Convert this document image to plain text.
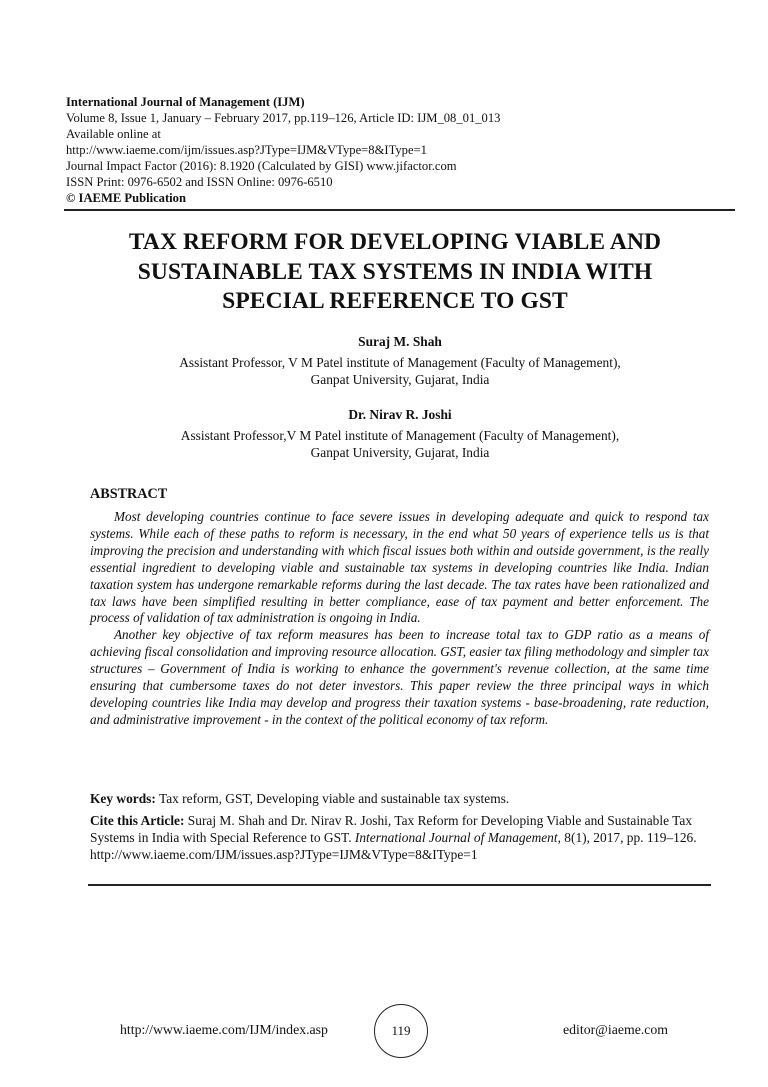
International Journal of Management (IJM)
Volume 8, Issue 1, January – February 2017, pp.119–126, Article ID: IJM_08_01_013
Available online at
http://www.iaeme.com/ijm/issues.asp?JType=IJM&VType=8&IType=1
Journal Impact Factor (2016): 8.1920 (Calculated by GISI) www.jifactor.com
ISSN Print: 0976-6502 and ISSN Online: 0976-6510
© IAEME Publication
TAX REFORM FOR DEVELOPING VIABLE AND SUSTAINABLE TAX SYSTEMS IN INDIA WITH SPECIAL REFERENCE TO GST
Suraj M. Shah
Assistant Professor, V M Patel institute of Management (Faculty of Management),
Ganpat University, Gujarat, India
Dr. Nirav R. Joshi
Assistant Professor,V M Patel institute of Management (Faculty of Management),
Ganpat University, Gujarat, India
ABSTRACT

Most developing countries continue to face severe issues in developing adequate and quick to respond tax systems. While each of these paths to reform is necessary, in the end what 50 years of experience tells us is that improving the precision and understanding with which fiscal issues both within and outside government, is the really essential ingredient to developing viable and sustainable tax systems in developing countries like India. Indian taxation system has undergone remarkable reforms during the last decade. The tax rates have been rationalized and tax laws have been simplified resulting in better compliance, ease of tax payment and better enforcement. The process of validation of tax administration is ongoing in India.

Another key objective of tax reform measures has been to increase total tax to GDP ratio as a means of achieving fiscal consolidation and improving resource allocation. GST, easier tax filing methodology and simpler tax structures – Government of India is working to enhance the government's revenue collection, at the same time ensuring that cumbersome taxes do not deter investors. This paper review the three principal ways in which developing countries like India may develop and progress their taxation systems - base-broadening, rate reduction, and administrative improvement - in the context of the political economy of tax reform.

Key words: Tax reform, GST, Developing viable and sustainable tax systems.
Cite this Article: Suraj M. Shah and Dr. Nirav R. Joshi, Tax Reform for Developing Viable and Sustainable Tax Systems in India with Special Reference to GST. International Journal of Management, 8(1), 2017, pp. 119–126.
http://www.iaeme.com/IJM/issues.asp?JType=IJM&VType=8&IType=1
http://www.iaeme.com/IJM/index.asp	119	editor@iaeme.com
